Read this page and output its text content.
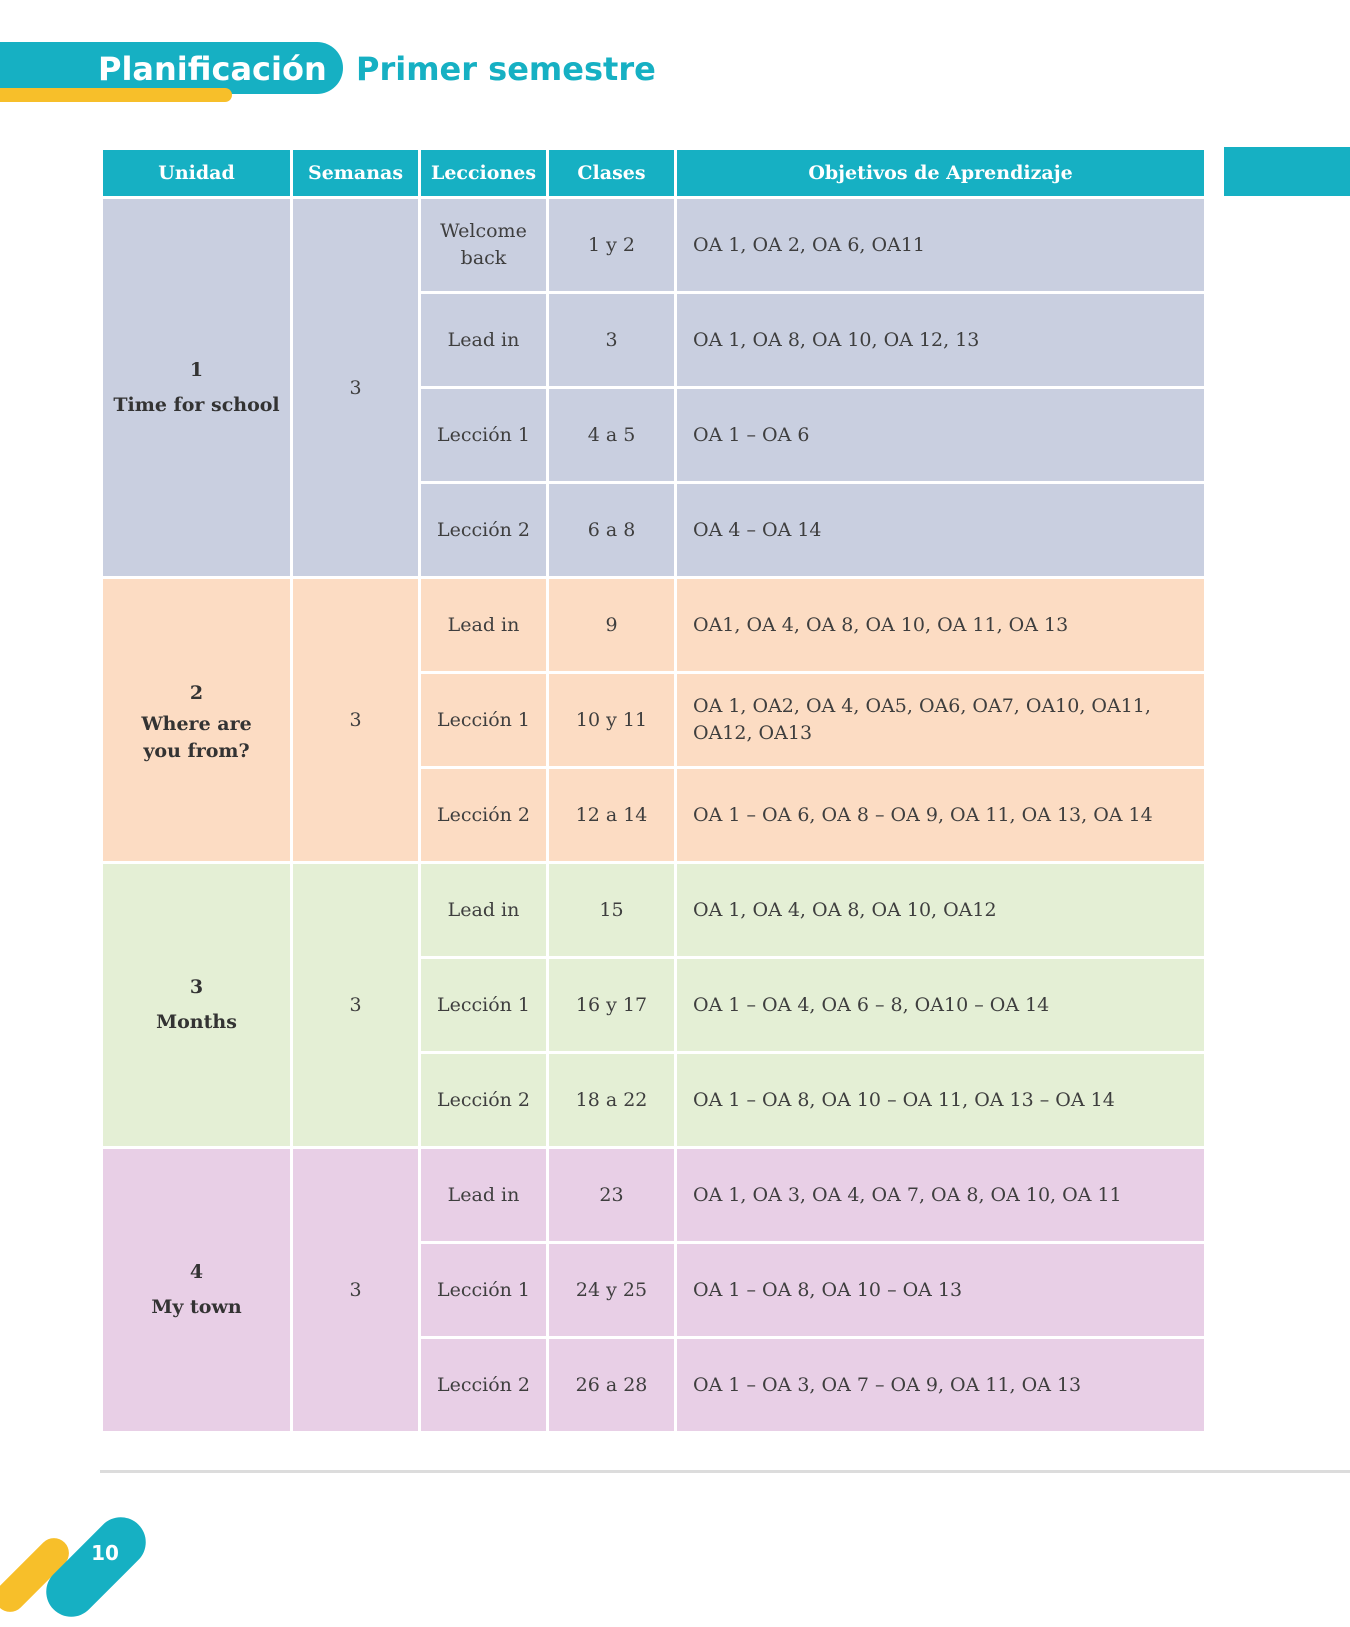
Planificación Primer semestre
Unidad	Semanas	Lecciones	Clases	Objetivos de Aprendizaje

1
Time for school	3	Welcome back	1 y 2	OA 1, OA 2, OA 6, OA11
		Lead in	3	OA 1, OA 8, OA 10, OA 12, 13
		Lección 1	4 a 5	OA 1 – OA 6
		Lección 2	6 a 8	OA 4 – OA 14

2
Where are you from?	3	Lead in	9	OA1, OA 4, OA 8, OA 10, OA 11, OA 13
		Lección 1	10 y 11	OA 1, OA2, OA 4, OA5, OA6, OA7, OA10, OA11, OA12, OA13
		Lección 2	12 a 14	OA 1 – OA 6, OA 8 – OA 9, OA 11, OA 13, OA 14

3
Months	3	Lead in	15	OA 1, OA 4, OA 8, OA 10, OA12
		Lección 1	16 y 17	OA 1 – OA 4, OA 6 – 8, OA10 – OA 14
		Lección 2	18 a 22	OA 1 – OA 8, OA 10 – OA 11, OA 13 – OA 14

4
My town	3	Lead in	23	OA 1, OA 3, OA 4, OA 7, OA 8, OA 10, OA 11
		Lección 1	24 y 25	OA 1 – OA 8, OA 10 – OA 13
		Lección 2	26 a 28	OA 1 – OA 3, OA 7 – OA 9, OA 11, OA 13
10
